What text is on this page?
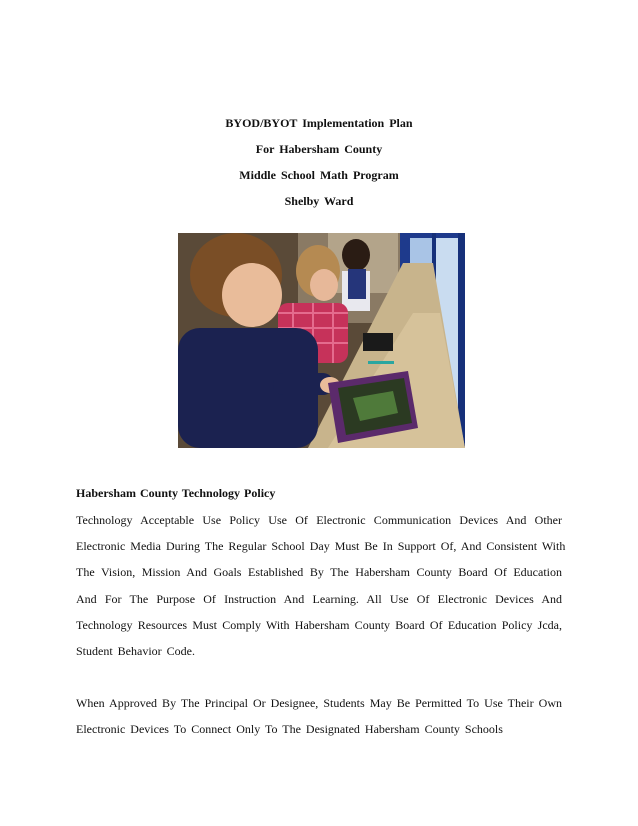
BYOD/BYOT Implementation Plan
For Habersham County
Middle School Math Program
Shelby Ward
Habersham County Technology Policy
Technology Acceptable Use Policy Use Of Electronic Communication Devices And Other
Electronic Media During The Regular School Day Must Be In Support Of, And Consistent With
The Vision, Mission And Goals Established By The Habersham County Board Of Education
And For The Purpose Of Instruction And Learning. All Use Of Electronic Devices And
Technology Resources Must Comply With Habersham County Board Of Education Policy Jcda,
Student Behavior Code.
When Approved By The Principal Or Designee, Students May Be Permitted To Use Their Own
Electronic Devices To Connect Only To The Designated Habersham County Schools
